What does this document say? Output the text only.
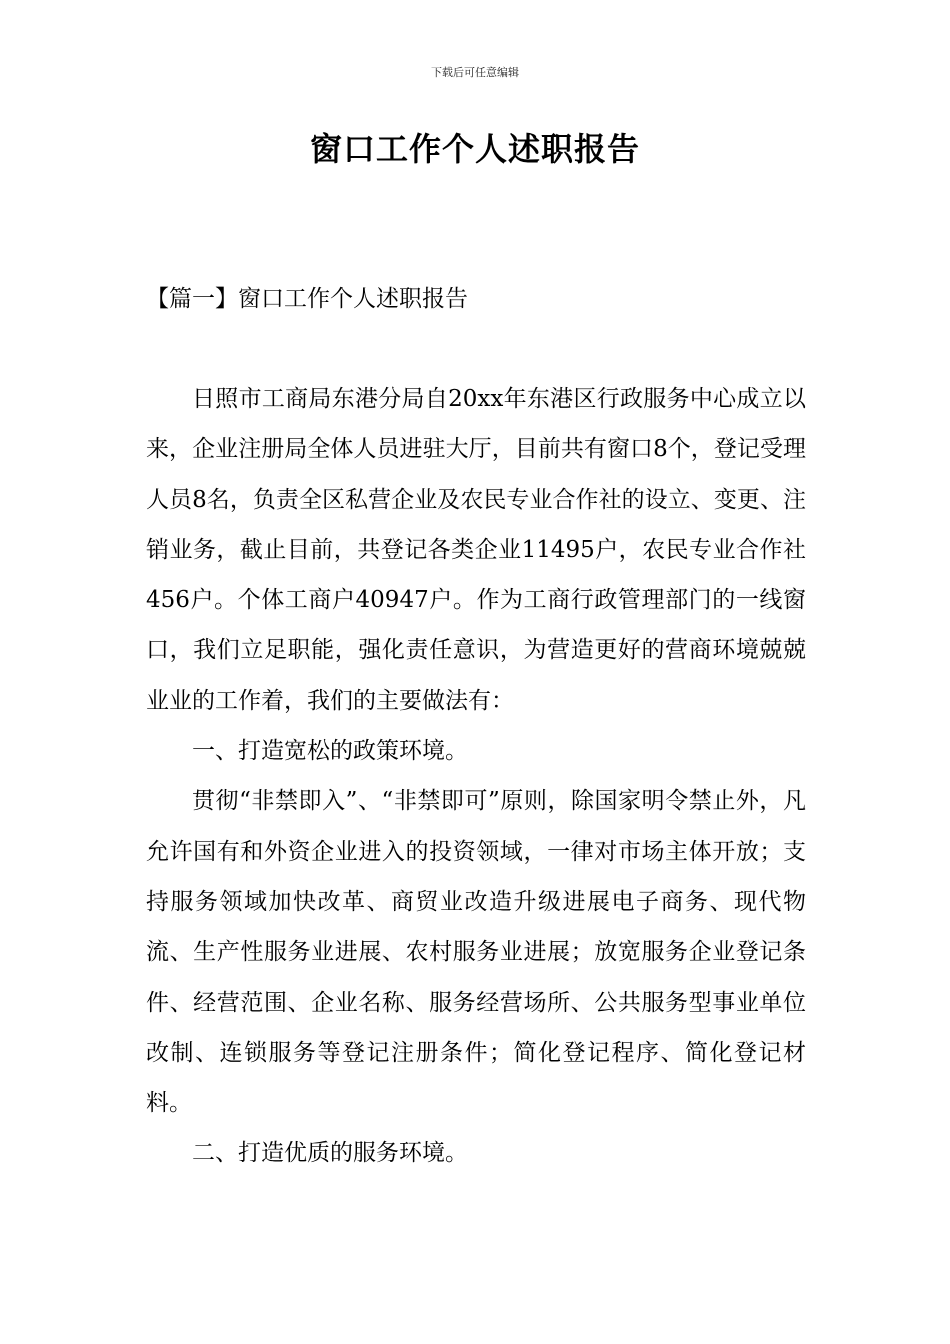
下载后可任意编辑
窗口工作个人述职报告
【篇一】窗口工作个人述职报告

日照市工商局东港分局自20xx年东港区行政服务中心成立以来，企业注册局全体人员进驻大厅，目前共有窗口8个，登记受理人员8名，负责全区私营企业及农民专业合作社的设立、变更、注销业务，截止目前，共登记各类企业11495户，农民专业合作社456户。个体工商户40947户。作为工商行政管理部门的一线窗口，我们立足职能，强化责任意识，为营造更好的营商环境兢兢业业的工作着，我们的主要做法有：

一、打造宽松的政策环境。

贯彻“非禁即入”、“非禁即可”原则，除国家明令禁止外，凡允许国有和外资企业进入的投资领域，一律对市场主体开放；支持服务领域加快改革、商贸业改造升级进展电子商务、现代物流、生产性服务业进展、农村服务业进展；放宽服务企业登记条件、经营范围、企业名称、服务经营场所、公共服务型事业单位改制、连锁服务等登记注册条件；简化登记程序、简化登记材料。

二、打造优质的服务环境。
